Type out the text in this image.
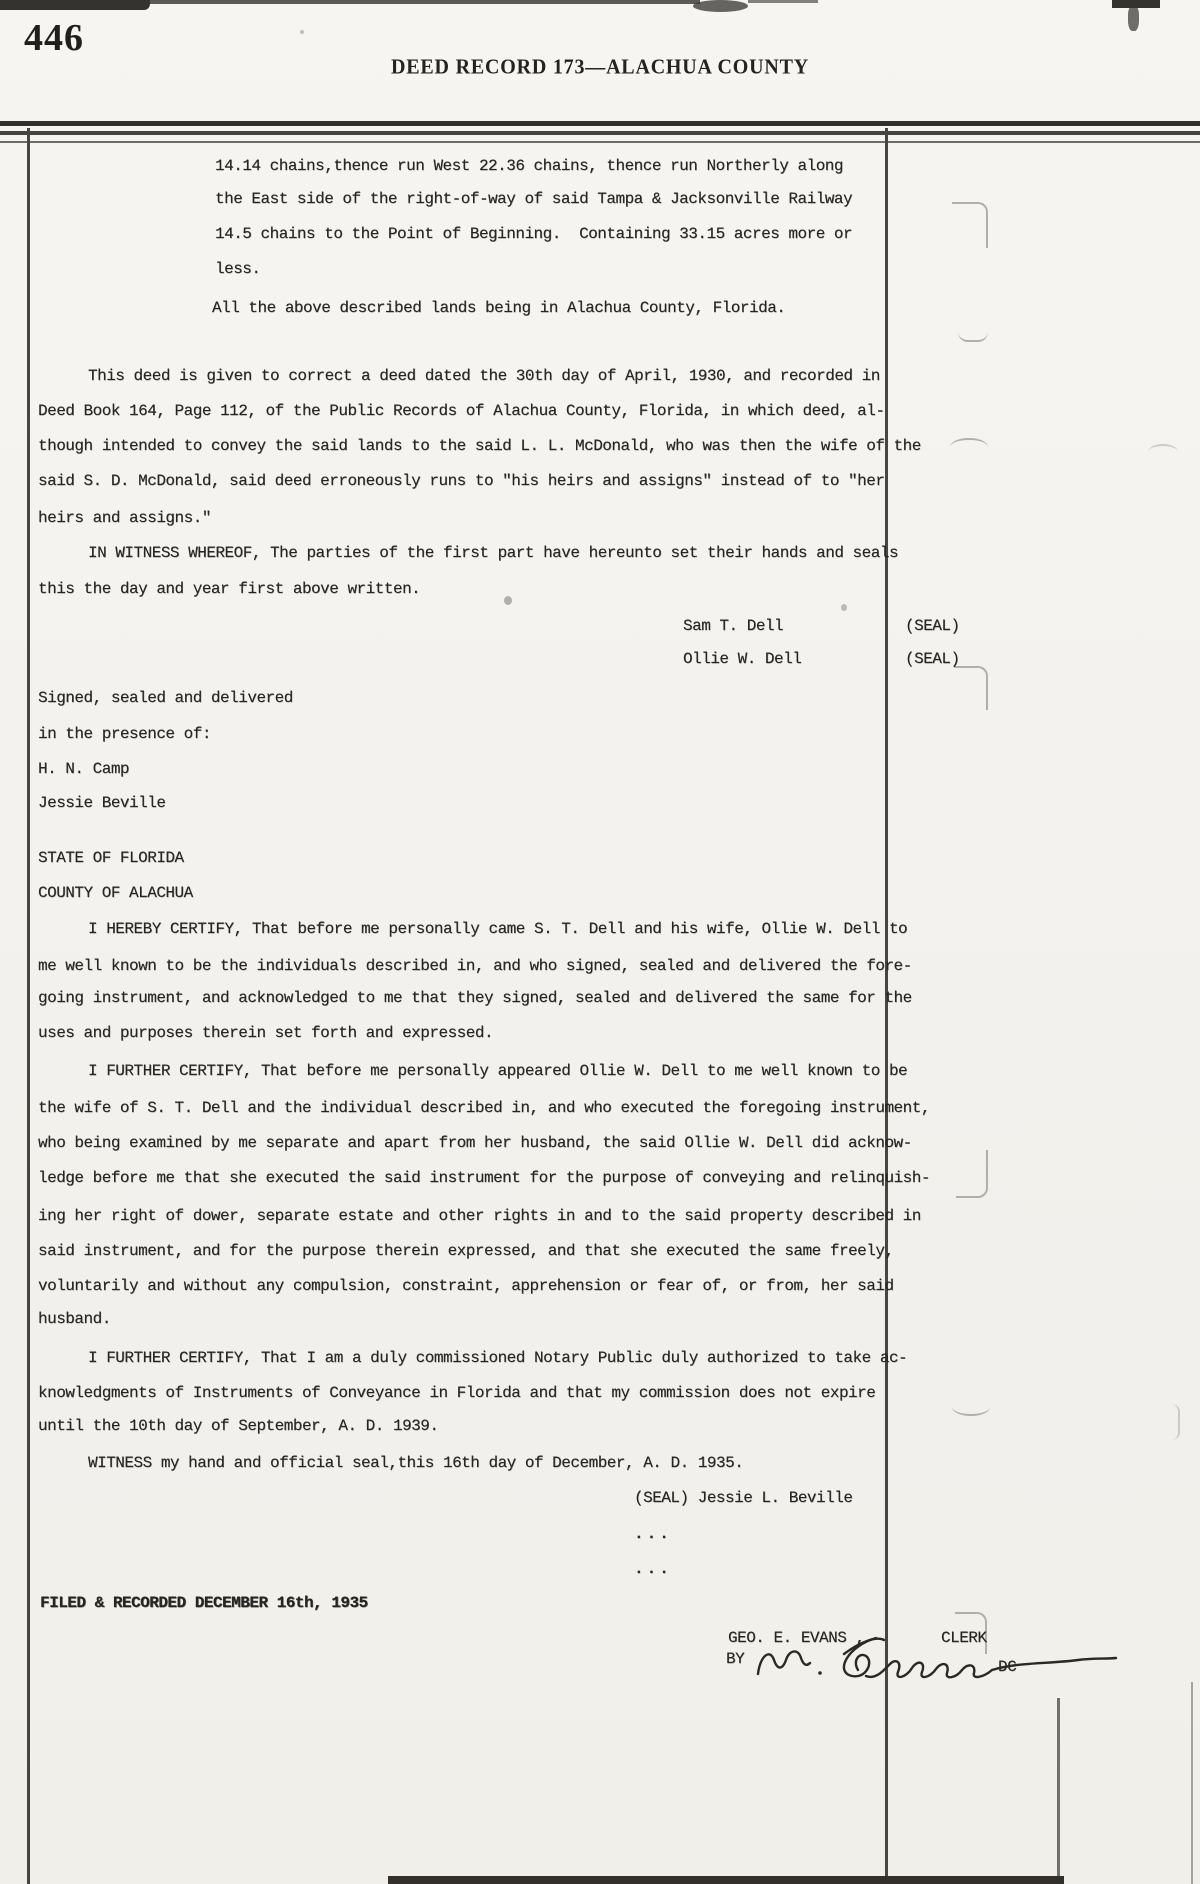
446
DEED RECORD 173—ALACHUA COUNTY
14.14 chains,thence run West 22.36 chains, thence run Northerly along
the East side of the right-of-way of said Tampa & Jacksonville Railway
14.5 chains to the Point of Beginning.  Containing 33.15 acres more or
less.
All the above described lands being in Alachua County, Florida.
This deed is given to correct a deed dated the 30th day of April, 1930, and recorded in
Deed Book 164, Page 112, of the Public Records of Alachua County, Florida, in which deed, al-
though intended to convey the said lands to the said L. L. McDonald, who was then the wife of the
said S. D. McDonald, said deed erroneously runs to "his heirs and assigns" instead of to "her
heirs and assigns."
IN WITNESS WHEREOF, The parties of the first part have hereunto set their hands and seals
this the day and year first above written.
Sam T. Dell	(SEAL)
Ollie W. Dell	(SEAL)
Signed, sealed and delivered
in the presence of:
H. N. Camp
Jessie Beville
STATE OF FLORIDA
COUNTY OF ALACHUA
I HEREBY CERTIFY, That before me personally came S. T. Dell and his wife, Ollie W. Dell to
me well known to be the individuals described in, and who signed, sealed and delivered the fore-
going instrument, and acknowledged to me that they signed, sealed and delivered the same for the
uses and purposes therein set forth and expressed.
I FURTHER CERTIFY, That before me personally appeared Ollie W. Dell to me well known to be
the wife of S. T. Dell and the individual described in, and who executed the foregoing instrument,
who being examined by me separate and apart from her husband, the said Ollie W. Dell did acknow-
ledge before me that she executed the said instrument for the purpose of conveying and relinquish-
ing her right of dower, separate estate and other rights in and to the said property described in
said instrument, and for the purpose therein expressed, and that she executed the same freely,
voluntarily and without any compulsion, constraint, apprehension or fear of, or from, her said
husband.
I FURTHER CERTIFY, That I am a duly commissioned Notary Public duly authorized to take ac-
knowledgments of Instruments of Conveyance in Florida and that my commission does not expire
until the 10th day of September, A. D. 1939.
WITNESS my hand and official seal,this 16th day of December, A. D. 1935.
(SEAL) Jessie L. Beville
...
...
FILED & RECORDED DECEMBER 16th, 1935
GEO. E. EVANS ,	CLERK
BY	DC
